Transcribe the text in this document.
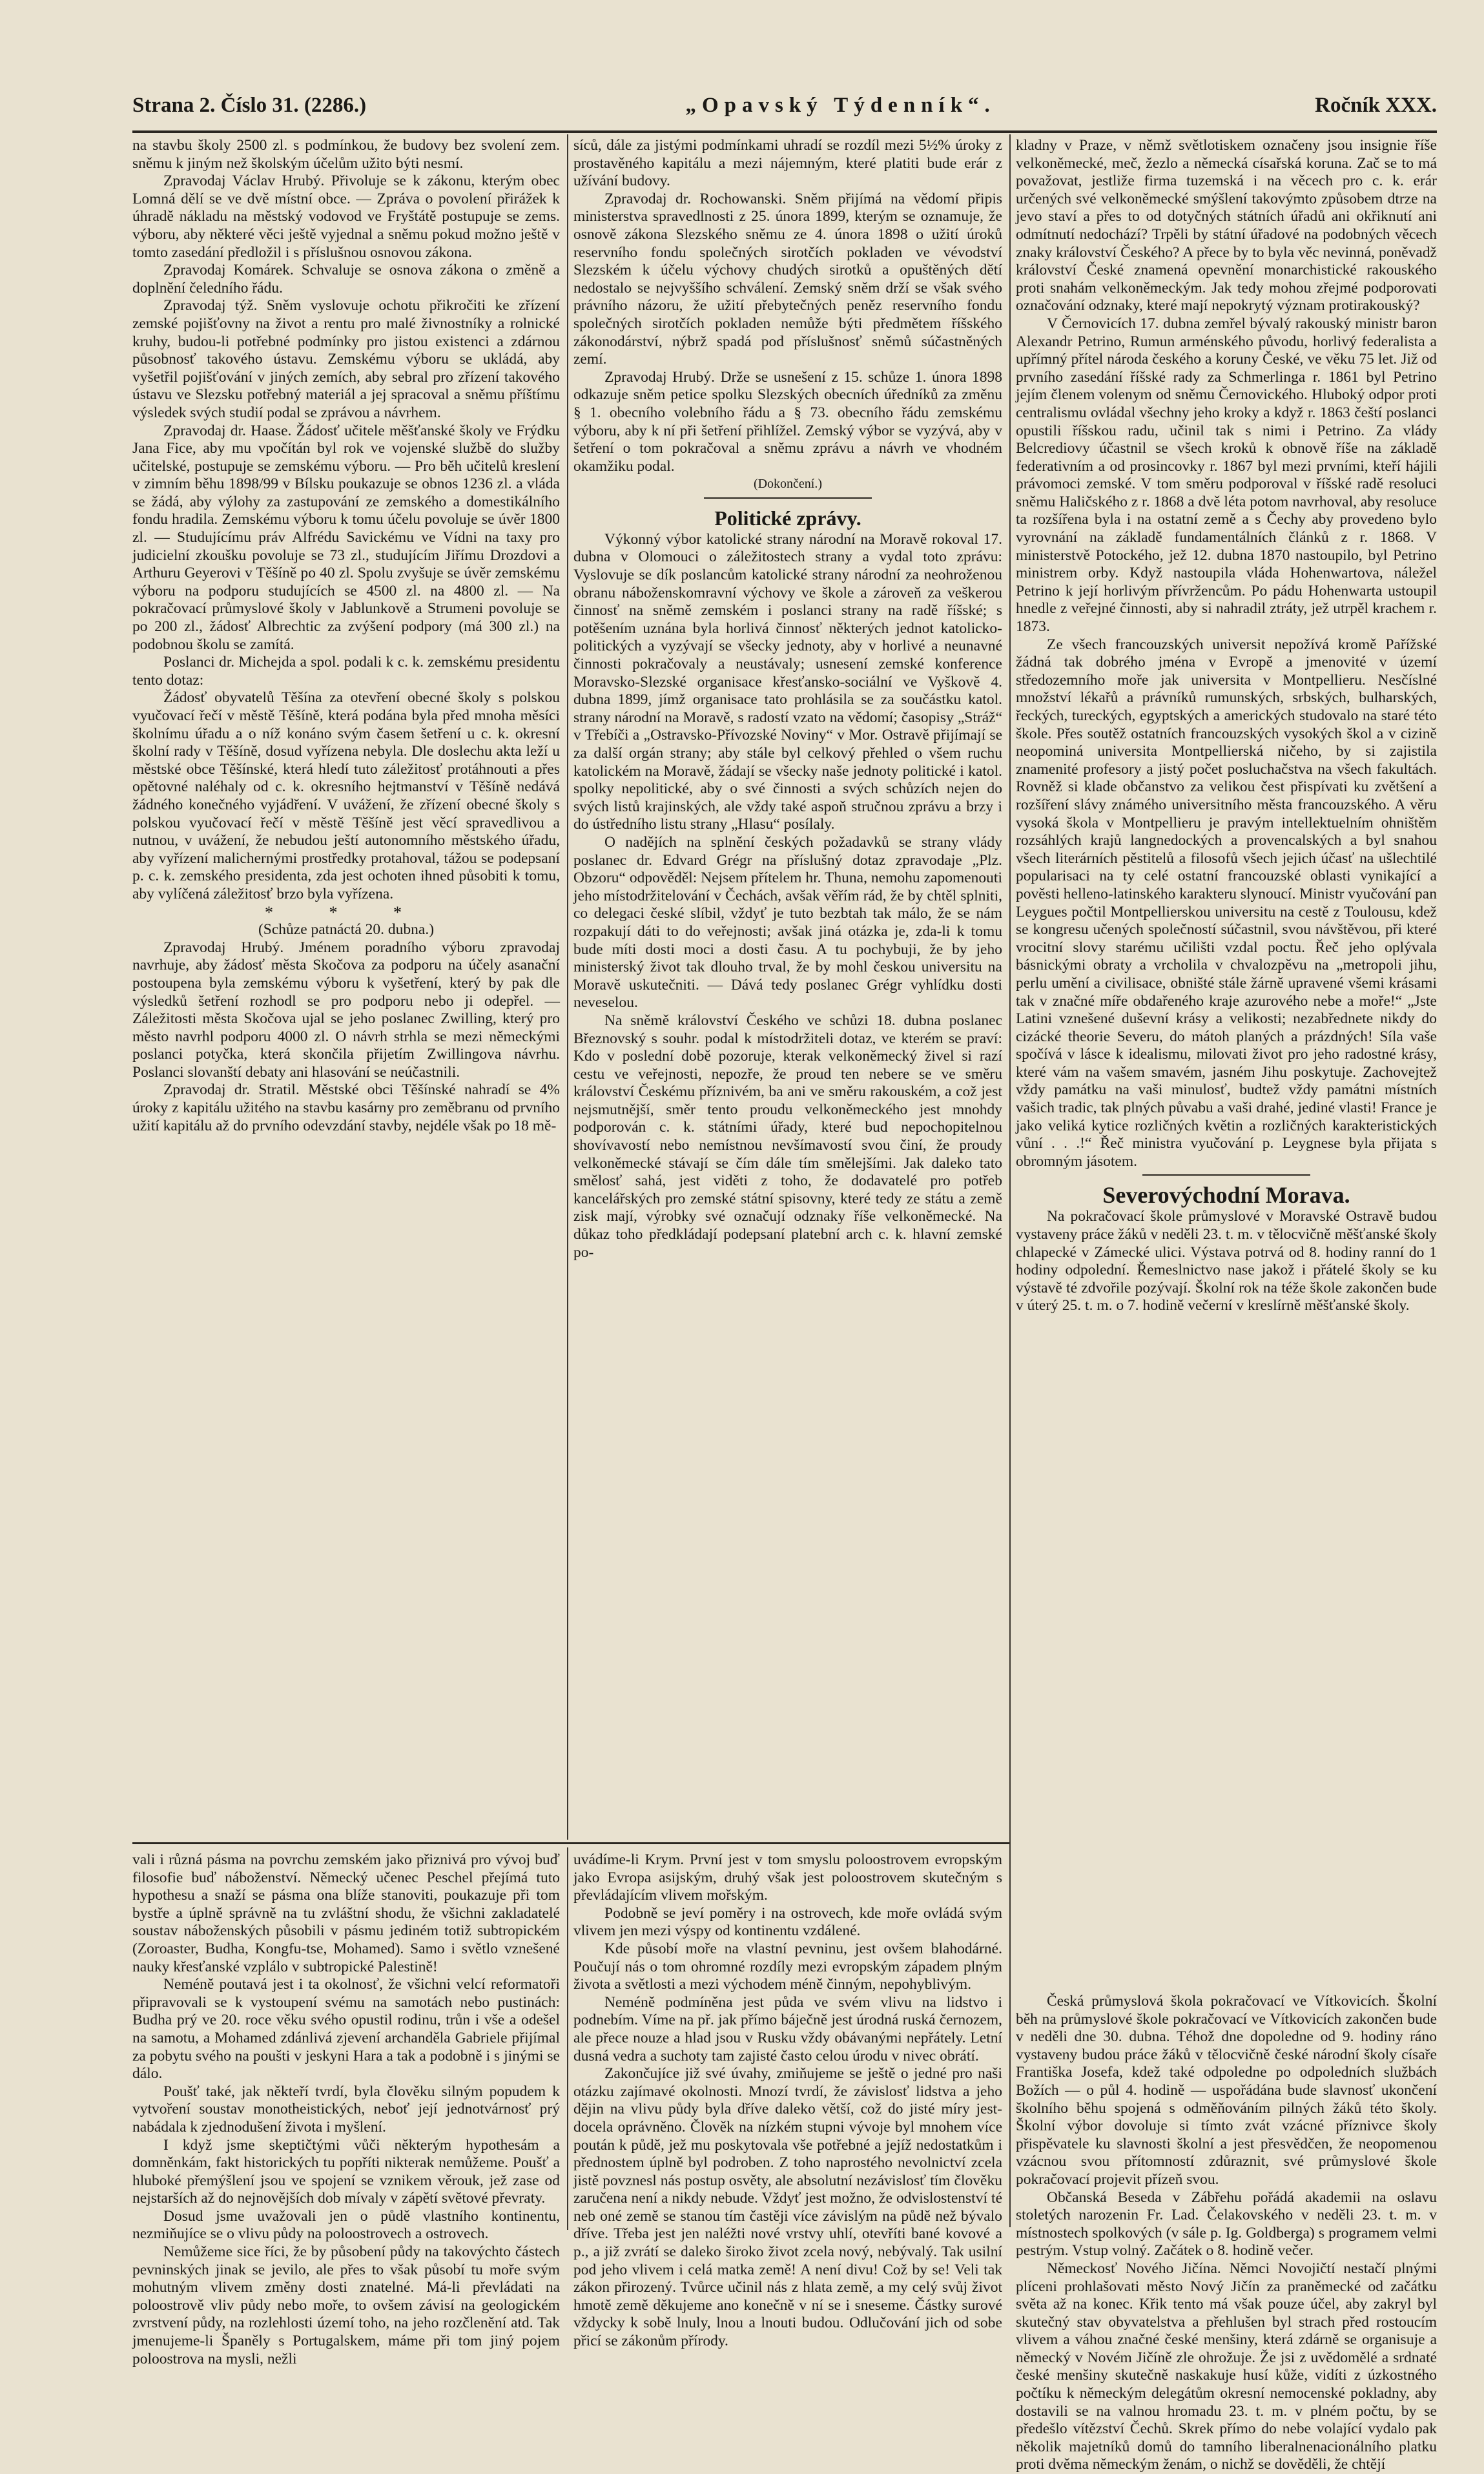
Strana 2. Číslo 31. (2286.)	„Opavský Týdenník“.	Ročník XXX.

na stavbu školy 2500 zl. s podmínkou, že budovy bez svolení zem. sněmu k jiným než školským účelům užito býti nesmí.

Zpravodaj Václav Hrubý. Přivoluje se k zákonu, kterým obec Lomná dělí se ve dvě místní obce. — Zpráva o povolení přirážek k úhradě nákladu na městský vodovod ve Fryštátě postupuje se zems. výboru, aby některé věci ještě vyjednal a sněmu pokud možno ještě v tomto zasedání předložil i s příslušnou osnovou zákona.

Zpravodaj Komárek. Schvaluje se osnova zákona o změně a doplnění čeledního řádu.

Zpravodaj týž. Sněm vyslovuje ochotu přikročiti ke zřízení zemské pojišťovny na život a rentu pro malé živnostníky a rolnické kruhy, budou-li potřebné podmínky pro jistou existenci a zdárnou působnosť takového ústavu. Zemskému výboru se ukládá, aby vyšetřil pojišťování v jiných zemích, aby sebral pro zřízení takového ústavu ve Slezsku potřebný materiál a jej spracoval a sněmu příštímu výsledek svých studií podal se zprávou a návrhem.

Zpravodaj dr. Haase. Žádosť učitele měšťanské školy ve Frýdku Jana Fice, aby mu vpočítán byl rok ve vojenské službě do služby učitelské, postupuje se zemskému výboru. — Pro běh učitelů kreslení v zimním běhu 1898/99 v Bílsku poukazuje se obnos 1236 zl. a vláda se žádá, aby výlohy za zastupování ze zemského a domestikálního fondu hradila. Zemskému výboru k tomu účelu povoluje se úvěr 1800 zl. — Studujícímu práv Alfrédu Savickému ve Vídni na taxy pro judicielní zkoušku povoluje se 73 zl., studujícím Jiřímu Drozdovi a Arthuru Geyerovi v Těšíně po 40 zl. Spolu zvyšuje se úvěr zemskému výboru na podporu studujících se 4500 zl. na 4800 zl. — Na pokračovací průmyslové školy v Jablunkově a Strumeni povoluje se po 200 zl., žádosť Albrechtic za zvýšení podpory (má 300 zl.) na podobnou školu se zamítá.

Poslanci dr. Michejda a spol. podali k c. k. zemskému presidentu tento dotaz:

Žádosť obyvatelů Těšína za otevření obecné školy s polskou vyučovací řečí v městě Těšíně, která podána byla před mnoha měsíci školnímu úřadu a o níž konáno svým časem šetření u c. k. okresní školní rady v Těšíně, dosud vyřízena nebyla. Dle doslechu akta leží u městské obce Těšínské, která hledí tuto záležitosť protáhnouti a přes opětovné naléhaly od c. k. okresního hejtmanství v Těšíně nedává žádného konečného vyjádření. V uvážení, že zřízení obecné školy s polskou vyučovací řečí v městě Těšíně jest věcí spravedlivou a nutnou, v uvážení, že nebudou ještí autonomního městského úřadu, aby vyřízení malichernými prostředky protahoval, tážou se podepsaní p. c. k. zemského presidenta, zda jest ochoten ihned působiti k tomu, aby vylíčená záležitosť brzo byla vyřízena.

* * *

(Schůze patnáctá 20. dubna.)

Zpravodaj Hrubý. Jménem poradního výboru zpravodaj navrhuje, aby žádosť města Skočova za podporu na účely asanační postoupena byla zemskému výboru k vyšetření, který by pak dle výsledků šetření rozhodl se pro podporu nebo ji odepřel. — Záležitosti města Skočova ujal se jeho poslanec Zwilling, který pro město navrhl podporu 4000 zl. O návrh strhla se mezi německými poslanci potyčka, která skončila přijetím Zwillingova návrhu. Poslanci slovanští debaty ani hlasování se neúčastnili.

Zpravodaj dr. Stratil. Městské obci Těšínské nahradí se 4% úroky z kapitálu užitého na stavbu kasárny pro zeměbranu od prvního užití kapitálu až do prvního odevzdání stavby, nejdéle však po 18 mě-

síců, dále za jistými podmínkami uhradí se rozdíl mezi 5½% úroky z prostavěného kapitálu a mezi nájemným, které platiti bude erár z užívání budovy.

Zpravodaj dr. Rochowanski. Sněm přijímá na vědomí připis ministerstva spravedlnosti z 25. února 1899, kterým se oznamuje, že osnově zákona Slezského sněmu ze 4. února 1898 o užití úroků reservního fondu společných sirotčích pokladen ve vévodství Slezském k účelu výchovy chudých sirotků a opuštěných dětí nedostalo se nejvyššího schválení. Zemský sněm drží se však svého právního názoru, že užití přebytečných peněz reservního fondu společných sirotčích pokladen nemůže býti předmětem říšského zákonodárství, nýbrž spadá pod příslušnosť sněmů súčastněných zemí.

Zpravodaj Hrubý. Drže se usnešení z 15. schůze 1. února 1898 odkazuje sněm petice spolku Slezských obecních úředníků za změnu § 1. obecního volebního řádu a § 73. obecního řádu zemskému výboru, aby k ní při šetření přihlížel. Zemský výbor se vyzývá, aby v šetření o tom pokračoval a sněmu zprávu a návrh ve vhodném okamžiku podal.

(Dokončení.)

Politické zprávy.

Výkonný výbor katolické strany národní na Moravě rokoval 17. dubna v Olomouci o záležitostech strany a vydal toto zprávu: Vyslovuje se dík poslancům katolické strany národní za neohroženou obranu náboženskomravní výchovy ve škole a zároveň za veškerou činnosť na sněmě zemském i poslanci strany na radě říšské; s potěšením uznána byla horlivá činnosť některých jednot katolicko-politických a vyzývají se všecky jednoty, aby v horlivé a neunavné činnosti pokračovaly a neustávaly; usnesení zemské konference Moravsko-Slezské organisace křesťansko-sociální ve Vyškově 4. dubna 1899, jímž organisace tato prohlásila se za součástku katol. strany národní na Moravě, s radostí vzato na vědomí; časopisy „Stráž“ v Třebíči a „Ostravsko-Přívozské Noviny“ v Mor. Ostravě přijímají se za další orgán strany; aby stále byl celkový přehled o všem ruchu katolickém na Moravě, žádají se všecky naše jednoty politické i katol. spolky nepolitické, aby o své činnosti a svých schůzích nejen do svých listů krajinských, ale vždy také aspoň stručnou zprávu a brzy i do ústředního listu strany „Hlasu“ posílaly.

O nadějích na splnění českých požadavků se strany vlády poslanec dr. Edvard Grégr na příslušný dotaz zpravodaje „Plz. Obzoru“ odpověděl: Nejsem přítelem hr. Thuna, nemohu zapomenouti jeho místodržitelování v Čechách, avšak věřím rád, že by chtěl splniti, co delegaci české slíbil, vždyť je tuto bezbtah tak málo, že se nám rozpakují dáti to do veřejnosti; avšak jiná otázka je, zda-li k tomu bude míti dosti moci a dosti času. A tu pochybuji, že by jeho ministerský život tak dlouho trval, že by mohl českou universitu na Moravě uskutečniti. — Dává tedy poslanec Grégr vyhlídku dosti neveselou.

Na sněmě království Českého ve schůzi 18. dubna poslanec Březnovský s souhr. podal k místodržiteli dotaz, ve kterém se praví: Kdo v poslední době pozoruje, kterak velkoněmecký živel si razí cestu ve veřejnosti, nepozře, že proud ten nebere se ve směru království Českému příznivém, ba ani ve směru rakouském, a což jest nejsmutnější, směr tento proudu velkoněmeckého jest mnohdy podporován c. k. státními úřady, které bud nepochopitelnou shovívavostí nebo nemístnou nevšímavostí svou činí, že proudy velkoněmecké stávají se čím dále tím smělejšími. Jak daleko tato smělosť sahá, jest viděti z toho, že dodavatelé pro potřeb kancelářských pro zemské státní spisovny, které tedy ze státu a země zisk mají, výrobky své označují odznaky říše velkoněmecké. Na důkaz toho předkládají podepsaní platební arch c. k. hlavní zemské po-

kladny v Praze, v němž světlotiskem označeny jsou insignie říše velkoněmecké, meč, žezlo a německá císařská koruna. Zač se to má považovat, jestliže firma tuzemská i na věcech pro c. k. erár určených své velkoněmecké smýšlení takovýmto způsobem dtrze na jevo staví a přes to od dotyčných státních úřadů ani okřiknutí ani odmítnutí nedochází? Trpěli by státní úřadové na podobných věcech znaky království Českého? A přece by to byla věc nevinná, poněvadž království České znamená opevnění monarchistické rakouského proti snahám velkoněmeckým. Jak tedy mohou zřejmé podporovati označování odznaky, které mají nepokrytý význam protirakouský?

V Černovicích 17. dubna zemřel bývalý rakouský ministr baron Alexandr Petrino, Rumun arménského původu, horlivý federalista a upřímný přítel národa českého a koruny České, ve věku 75 let. Již od prvního zasedání říšské rady za Schmerlinga r. 1861 byl Petrino jejím členem volenym od sněmu Černovického. Hluboký odpor proti centralismu ovládal všechny jeho kroky a když r. 1863 čeští poslanci opustili říšskou radu, učinil tak s nimi i Petrino. Za vlády Belcrediovy účastnil se všech kroků k obnově říše na základě federativním a od prosincovky r. 1867 byl mezi prvními, kteří hájili právomoci zemské. V tom směru podporoval v říšské radě resoluci sněmu Haličského z r. 1868 a dvě léta potom navrhoval, aby resoluce ta rozšířena byla i na ostatní země a s Čechy aby provedeno bylo vyrovnání na základě fundamentálních článků z r. 1868. V ministerstvě Potockého, jež 12. dubna 1870 nastoupilo, byl Petrino ministrem orby. Když nastoupila vláda Hohenwartova, náležel Petrino k její horlivým přívržencům. Po pádu Hohenwarta ustoupil hnedle z veřejné činnosti, aby si nahradil ztráty, jež utrpěl krachem r. 1873.

Ze všech francouzských universit nepožívá kromě Pařížské žádná tak dobrého jména v Evropě a jmenovité v území středozemního moře jak universita v Montpellieru. Nesčíslné množství lékařů a právníků rumunských, srbských, bulharských, řeckých, tureckých, egyptských a amerických studovalo na staré této škole. Přes soutěž ostatních francouzských vysokých škol a v cizině neopominá universita Montpellierská ničeho, by si zajistila znamenité profesory a jistý počet posluchačstva na všech fakultách. Rovněž si klade občanstvo za velikou čest přispívati ku zvětšení a rozšíření slávy známého universitního města francouzského. A věru vysoká škola v Montpellieru je pravým intellektuelním ohništěm rozsáhlých krajů langnedockých a provencalských a byl snahou všech literárních pěstitelů a filosofů všech jejich účasť na ušlechtilé popularisaci na ty celé ostatní francouzské oblasti vynikající a pověsti helleno-latinského karakteru slynoucí. Ministr vyučování pan Leygues počtil Montpellierskou universitu na cestě z Toulousu, kdež se kongresu učených společností súčastnil, svou návštěvou, při které vrocitní slovy starému učilišti vzdal poctu. Řeč jeho oplývala básnickými obraty a vrcholila v chvalozpěvu na „metropoli jihu, perlu umění a civilisace, obništé stále žárně upravené všemi krásami tak v značné míře obdařeného kraje azurového nebe a moře!“ „Jste Latini vznešené duševní krásy a velikosti; nezabřednete nikdy do cizácké theorie Severu, do mátoh planých a prázdných! Síla vaše spočívá v lásce k idealismu, milovati život pro jeho radostné krásy, které vám na vašem smavém, jasném Jihu poskytuje. Zachovejtež vždy památku na vaši minulosť, budtež vždy památni místních vašich tradic, tak plných půvabu a vaši drahé, jediné vlasti! France je jako veliká kytice rozličných květin a rozličných karakteristických vůní . . .!“ Řeč ministra vyučování p. Leygnese byla přijata s obromným jásotem.

Severovýchodní Morava.

Na pokračovací škole průmyslové v Moravské Ostravě budou vystaveny práce žáků v neděli 23. t. m. v tělocvičně měšťanské školy chlapecké v Zámecké ulici. Výstava potrvá od 8. hodiny ranní do 1 hodiny odpolední. Řemeslnictvo nase jakož i přátelé školy se ku výstavě té zdvořile pozývají. Školní rok na téže škole zakončen bude v úterý 25. t. m. o 7. hodině večerní v kreslírně měšťanské školy.

vali i různá pásma na povrchu zemském jako přiznivá pro vývoj buď filosofie buď náboženství. Německý učenec Peschel přejímá tuto hypothesu a snaží se pásma ona blíže stanoviti, poukazuje při tom bystře a úplně správně na tu zvláštní shodu, že všichni zakladatelé soustav náboženských působili v pásmu jediném totiž subtropickém (Zoroaster, Budha, Kongfu-tse, Mohamed). Samo i světlo vznešené nauky křesťanské vzplálo v subtropické Palestině!

Neméně poutavá jest i ta okolnosť, že všichni velcí reformatoři připravovali se k vystoupení svému na samotách nebo pustinách: Budha prý ve 20. roce věku svého opustil rodinu, trůn i vše a odešel na samotu, a Mohamed zdánlivá zjevení archanděla Gabriele přijímal za pobytu svého na poušti v jeskyni Hara a tak a podobně i s jinými se dálo.

Poušť také, jak někteří tvrdí, byla člověku silným popudem k vytvoření soustav monotheistických, neboť její jednotvárnosť prý nabádala k zjednodušení života i myšlení.

I když jsme skeptičtými vůči některým hypothesám a domněnkám, fakt historických tu popříti nikterak nemůžeme. Poušť a hluboké přemýšlení jsou ve spojení se vznikem věrouk, jež zase od nejstarších až do nejnovějších dob mívaly v zápětí světové převraty.

Dosud jsme uvažovali jen o půdě vlastního kontinentu, nezmiňujíce se o vlivu půdy na poloostrovech a ostrovech.

Nemůžeme sice říci, že by působení půdy na takovýchto částech pevninských jinak se jevilo, ale přes to však působí tu moře svým mohutným vlivem změny dosti znatelné. Má-li převládati na poloostrově vliv půdy nebo moře, to ovšem závisí na geologickém zvrstvení půdy, na rozlehlosti území toho, na jeho rozčlenění atd. Tak jmenujeme-li Španěly s Portugalskem, máme při tom jiný pojem poloostrova na mysli, nežli

uvádíme-li Krym. První jest v tom smyslu poloostrovem evropským jako Evropa asijským, druhý však jest poloostrovem skutečným s převládajícím vlivem mořským.

Podobně se jeví poměry i na ostrovech, kde moře ovládá svým vlivem jen mezi výspy od kontinentu vzdálené.

Kde působí moře na vlastní pevninu, jest ovšem blahodárné. Poučují nás o tom ohromné rozdíly mezi evropským západem plným života a světlosti a mezi východem méně činným, nepohyblivým.

Neméně podmíněna jest půda ve svém vlivu na lidstvo i podnebím. Víme na př. jak přímo báječně jest úrodná ruská černozem, ale přece nouze a hlad jsou v Rusku vždy obávanými nepřátely. Letní dusná vedra a suchoty tam zajisté často celou úrodu v nivec obrátí.

Zakončujíce již své úvahy, zmiňujeme se ještě o jedné pro naši otázku zajímavé okolnosti. Mnozí tvrdí, že závislosť lidstva a jeho dějin na vlivu půdy byla dříve daleko větší, což do jisté míry jest-docela oprávněno. Člověk na nízkém stupni vývoje byl mnohem více poután k půdě, jež mu poskytovala vše potřebné a jejíž nedostatkům i přednostem úplně byl podroben. Z toho naprostého nevolnictví zcela jistě povznesl nás postup osvěty, ale absolutní nezávislosť tím člověku zaručena není a nikdy nebude. Vždyť jest možno, že odvislostenství té neb oné země se stanou tím častěji více závislým na půdě než bývalo dříve. Třeba jest jen naléžti nové vrstvy uhlí, otevříti bané kovové a p., a již zvrátí se daleko široko život zcela nový, nebývalý. Tak usilní pod jeho vlivem i celá matka země! A není divu! Což by se! Veli tak zákon přirozený. Tvůrce učinil nás z hlata země, a my celý svůj život hmotě země děkujeme ano konečně v ní se i sneseme. Částky surové vždycky k sobě lnuly, lnou a lnouti budou. Odlučování jich od sobe přicí se zákonům přírody.

Česká průmyslová škola pokračovací ve Vítkovicích. Školní běh na průmyslové škole pokračovací ve Vítkovicích zakončen bude v neděli dne 30. dubna. Téhož dne dopoledne od 9. hodiny ráno vystaveny budou práce žáků v tělocvičně české národní školy císaře Františka Josefa, kdež také odpoledne po odpoledních službách Božích — o půl 4. hodině — uspořádána bude slavnosť ukončení školního běhu spojená s odměňováním pilných žáků této školy. Školní výbor dovoluje si tímto zvát vzácné příznivce školy přispěvatele ku slavnosti školní a jest přesvědčen, že neopomenou vzácnou svou přítomností zdůraznit, své průmyslové škole pokračovací projevit přízeň svou.

Občanská Beseda v Zábřehu pořádá akademii na oslavu stoletých narozenin Fr. Lad. Čelakovského v neděli 23. t. m. v místnostech spolkových (v sále p. Ig. Goldberga) s programem velmi pestrým. Vstup volný. Začátek o 8. hodině večer.

Německosť Nového Jičína. Němci Novojičtí nestačí plnými plíceni prohlašovati město Nový Jičín za praněmecké od začátku světa až na konec. Křik tento má však pouze účel, aby zakryl byl skutečný stav obyvatelstva a přehlušen byl strach před rostoucím vlivem a váhou značné české menšiny, která zdárně se organisuje a německý v Novém Jičíně zle ohrožuje. Že jsi z uvědomělé a srdnaté české menšiny skutečně naskakuje husí kůže, vidíti z úzkostného počtíku k německým delegátům okresní nemocenské pokladny, aby dostavili se na valnou hromadu 23. t. m. v plném počtu, by se předešlo vítězství Čechů. Skrek přímo do nebe volající vydalo pak několik majetníků domů do tamního liberalnenacionálního platku proti dvěma německým ženám, o nichž se dověděli, že chtějí
